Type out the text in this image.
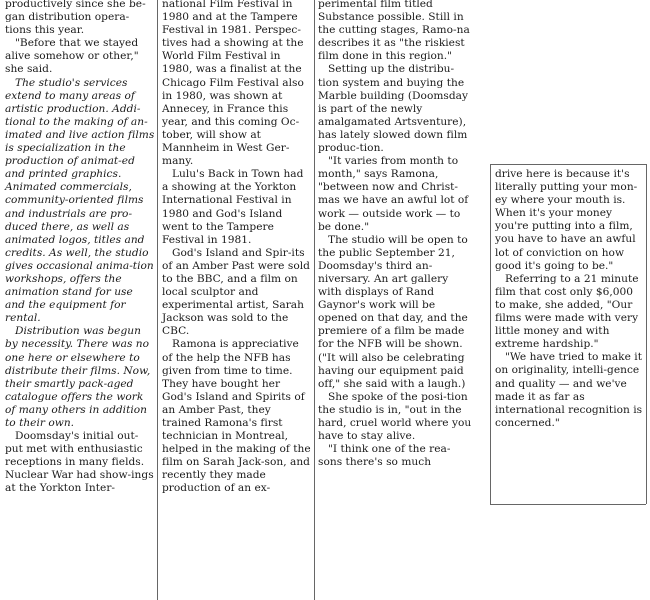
productively since she be-gan distribution opera-tions this year.

"Before that we stayed alive somehow or other," she said.

The studio's services extend to many areas of artistic production. Addi-tional to the making of an-imated and live action films is specialization in the production of animat-ed and printed graphics. Animated commercials, community-oriented films and industrials are pro-duced there, as well as animated logos, titles and credits. As well, the studio gives occasional anima-tion workshops, offers the animation stand for use and the equipment for rental.

Distribution was begun by necessity. There was no one here or elsewhere to distribute their films. Now, their smartly pack-aged catalogue offers the work of many others in addition to their own.

Doomsday's initial out-put met with enthusiastic receptions in many fields. Nuclear War had show-ings at the Yorkton Inter-

national Film Festival in 1980 and at the Tampere Festival in 1981. Perspec-tives had a showing at the World Film Festival in 1980, was a finalist at the Chicago Film Festival also in 1980, was shown at Annecey, in France this year, and this coming Oc-tober, will show at Mannheim in West Ger-many.

Lulu's Back in Town had a showing at the Yorkton International Festival in 1980 and God's Island went to the Tampere Festival in 1981.

God's Island and Spir-its of an Amber Past were sold to the BBC, and a film on local sculptor and experimental artist, Sarah Jackson was sold to the CBC.

Ramona is appreciative of the help the NFB has given from time to time. They have bought her God's Island and Spirits of an Amber Past, they trained Ramona's first technician in Montreal, helped in the making of the film on Sarah Jack-son, and recently they made production of an ex-

perimental film titled Substance possible. Still in the cutting stages, Ramo-na describes it as "the riskiest film done in this region."

Setting up the distribu-tion system and buying the Marble building (Doomsday is part of the newly amalgamated Artsventure), has lately slowed down film produc-tion.

"It varies from month to month," says Ramona, "between now and Christ-mas we have an awful lot of work — outside work — to be done."

The studio will be open to the public September 21, Doomsday's third an-niversary. An art gallery with displays of Rand Gaynor's work will be opened on that day, and the premiere of a film be made for the NFB will be shown. ("It will also be celebrating having our equipment paid off," she said with a laugh.)

She spoke of the posi-tion the studio is in, "out in the hard, cruel world where you have to stay alive.

"I think one of the rea-sons there's so much

drive here is because it's literally putting your mon-ey where your mouth is. When it's your money you're putting into a film, you have to have an awful lot of conviction on how good it's going to be."

Referring to a 21 minute film that cost only $6,000 to make, she added, "Our films were made with very little money and with extreme hardship."

"We have tried to make it on originality, intelli-gence and quality — and we've made it as far as international recognition is concerned."
